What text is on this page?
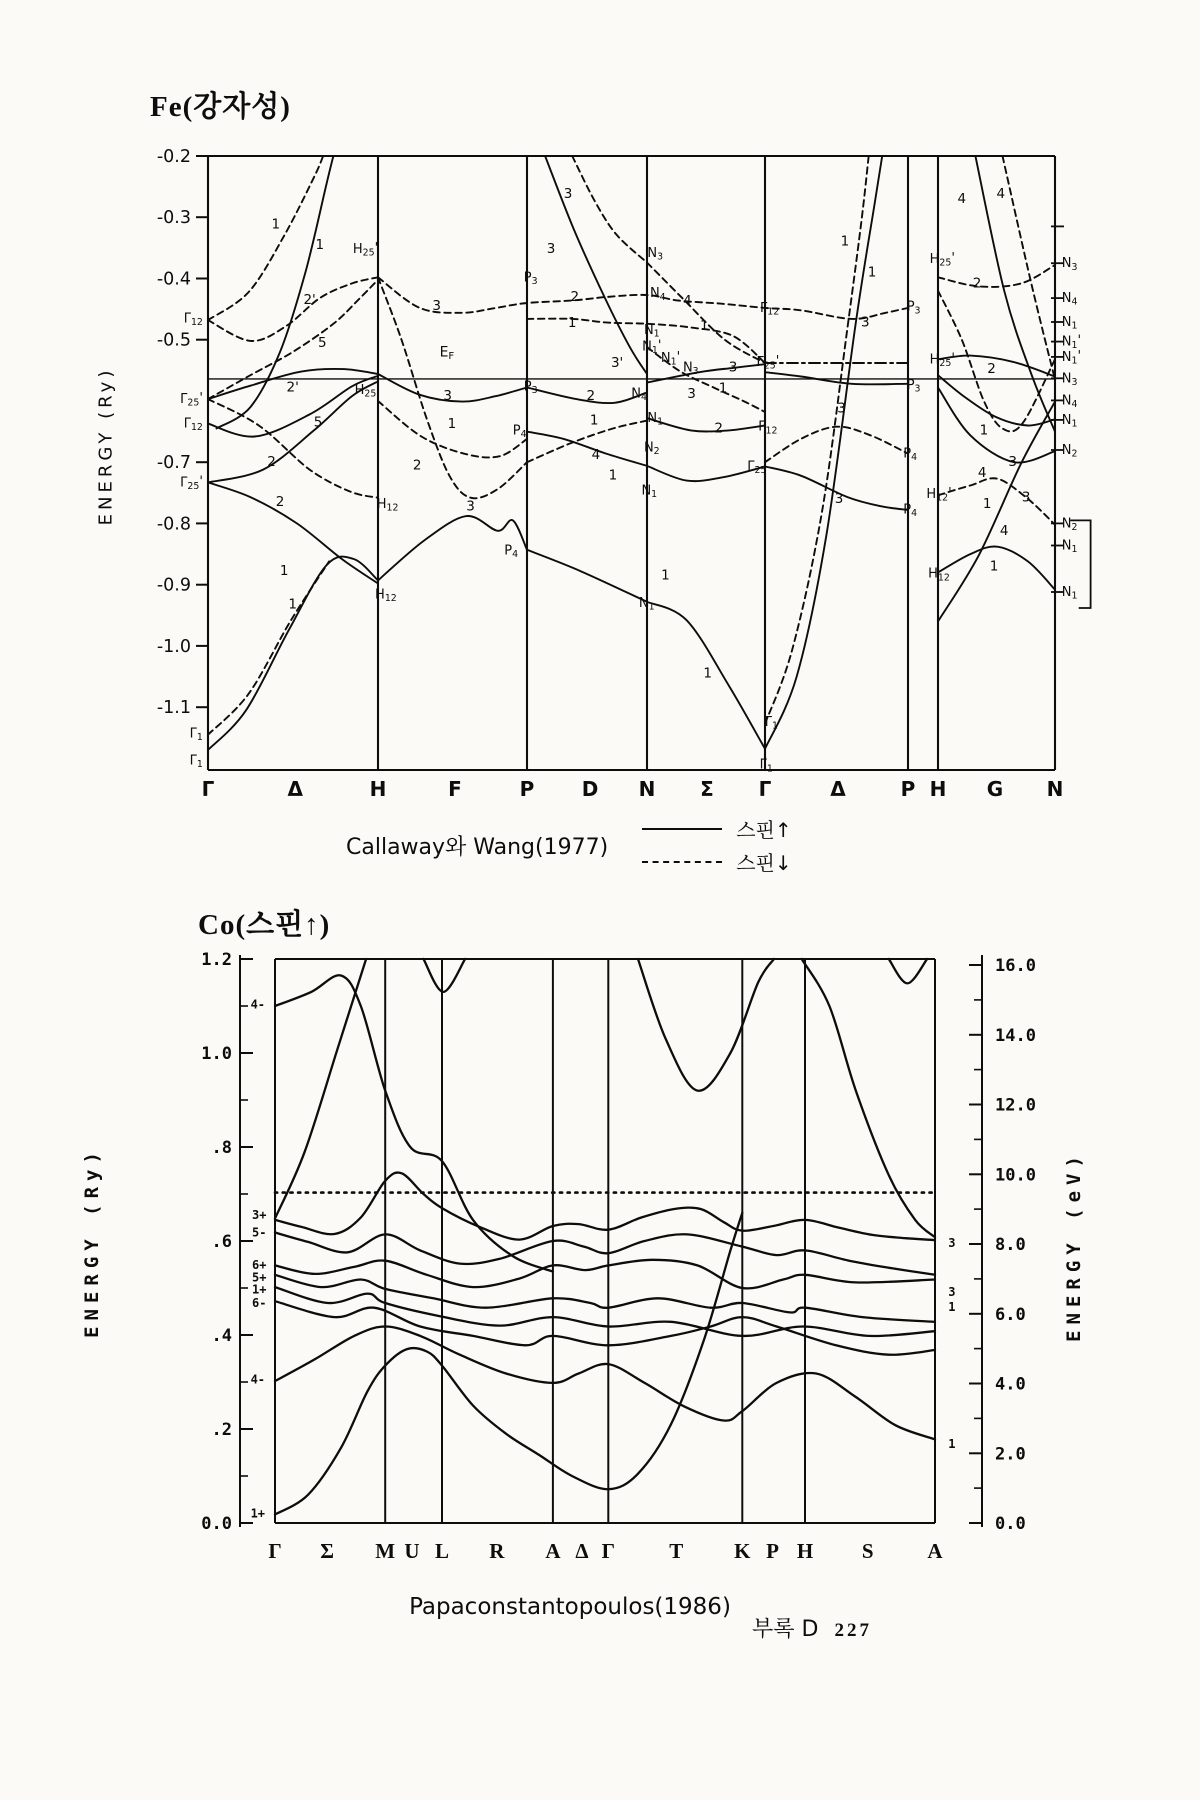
-0.2
-0.3
-0.4
-0.5
-0.7
-0.8
-0.9
-1.0
-1.1
EF
$\Gamma_{12}$
$\Gamma_{25}'$
$\Gamma_{12}$
$\Gamma_{25}'$
$\Gamma_1$
$\Gamma_1$
$H_{25}'$
$H_{25}$
$H_{12}$
$H_{12}$
$P_3$
$P_3$
$P_4$
$P_4$
$N_3$
$N_4$
$N_1$
$N_1'$
$N_1'$
$N_3$
$N_4$
$N_1$
$N_2$
$N_1$
$N_1$
$\Gamma_{12}$
$\Gamma_{25}'$
$\Gamma_{12}$
$\Gamma_{25}$
$\Gamma_1$
$\Gamma_1$
$P_3$
$P_3$
$P_4$
$P_4$
$H_{25}'$
$H_{25}'$
$H_{12}'$
$H_{12}$
$N_3$
$N_4$
$N_1$
$N_1'$
$N_1'$
$N_3$
$N_4$
$N_1$
$N_2$
$N_2$
$N_1$
$N_1$
1
1
2'
5
2'
5
2
2
3
3
1
2
3
1
1
3
3
2
1
2
1
4
1
3'
4
1
3 1
2
3
1
1
1
1
3
3
3
4 4
2
2
1
3
4
1 3
4
1
Γ	Δ	H	F	P D N Σ Γ	Δ	P H G N
1.2
1.0
.8
.6
.4
.2
0.0
16.0
14.0
12.0
10.0
8.0
6.0
4.0
2.0
0.0
4-
3+
5-
6+
5+
1+
6-
4-
1+
3
3
1
1
Γ Σ M U L R A Δ Γ	T K P H S	A
Fe(강자성)
ENERGY (Ry)
Callaway와 Wang(1977)
스핀↑
스핀↓
Co(스핀↑)
ENERGY (Ry)	ENERGY (eV)
Papaconstantopoulos(1986)
부록 D 227
